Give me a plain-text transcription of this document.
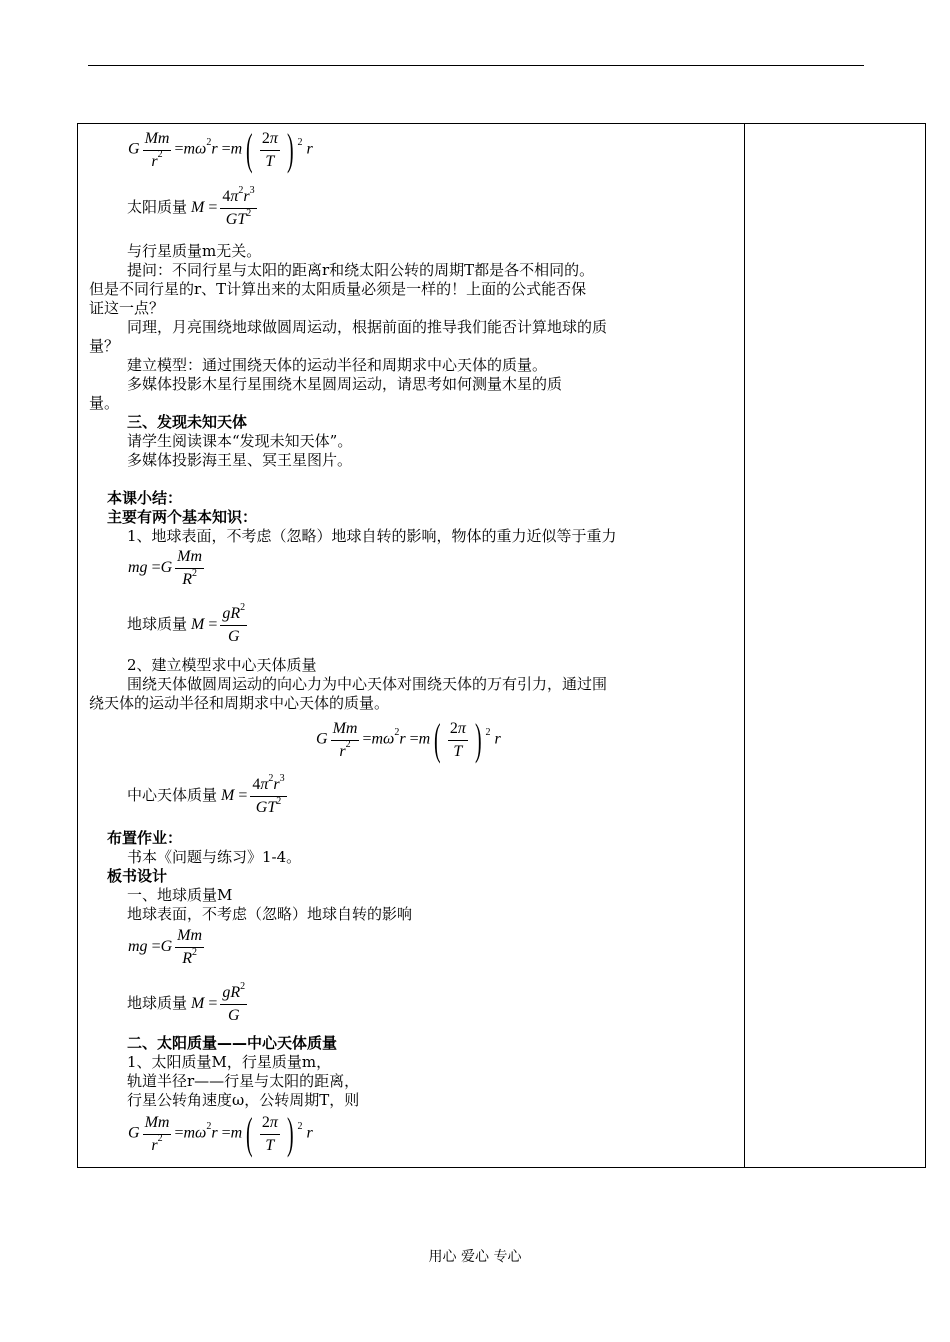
G $\frac{Mm}{r^2} =m\omega^2r =m( \frac{2\pi}{T}$ ) $^2$ r
太阳质量 $M = \frac{4\pi^2r^3}{GT^2}$
与行星质量m无关。
提问：不同行星与太阳的距离r和绕太阳公转的周期T都是各不相同的。
但是不同行星的r、T计算出来的太阳质量必须是一样的！上面的公式能否保
证这一点？
同理，月亮围绕地球做圆周运动，根据前面的推导我们能否计算地球的质
量？
建立模型：通过围绕天体的运动半径和周期求中心天体的质量。
多媒体投影木星行星围绕木星圆周运动，请思考如何测量木星的质
量。
三、发现未知天体
请学生阅读课本“发现未知天体”。
多媒体投影海王星、冥王星图片。
本课小结：
主要有两个基本知识：
1、地球表面，不考虑（忽略）地球自转的影响，物体的重力近似等于重力
mg $=G \frac{Mm}{R^2}$
地球质量 $M = \frac{gR^2}{G}$
2、建立模型求中心天体质量
围绕天体做圆周运动的向心力为中心天体对围绕天体的万有引力，通过围
绕天体的运动半径和周期求中心天体的质量。
G $\frac{Mm}{r^2} =m\omega^2r =m( \frac{2\pi}{T}$ ) $^2$ r
中心天体质量 $M = \frac{4\pi^2r^3}{GT^2}$
布置作业：
书本《问题与练习》1-4。
板书设计
一、地球质量M
地球表面，不考虑（忽略）地球自转的影响
mg $=G \frac{Mm}{R^2}$
地球质量 $M = \frac{gR^2}{G}$
二、太阳质量——中心天体质量
1、太阳质量M，行星质量m，
轨道半径r——行星与太阳的距离，
行星公转角速度ω，公转周期T，则
G $\frac{Mm}{r^2} =m\omega^2r =m( \frac{2\pi}{T}$ ) $^2$ r
用心 爱心 专心
